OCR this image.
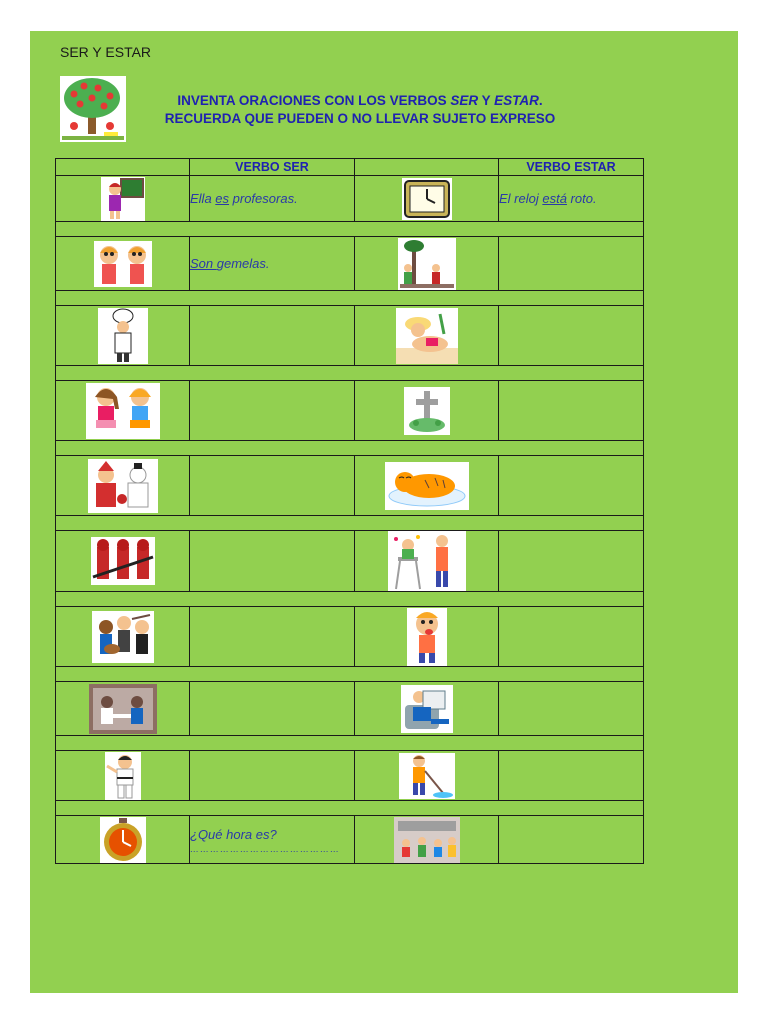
SER Y ESTAR
INVENTA ORACIONES CON LOS VERBOS SER Y ESTAR.
RECUERDA QUE PUEDEN O NO LLEVAR SUJETO EXPRESO
	VERBO SER		VERBO ESTAR

	Ella es profesoras.		El reloj está roto.

	Son gemelas.	

	¿Qué hora es?
………………………………………
